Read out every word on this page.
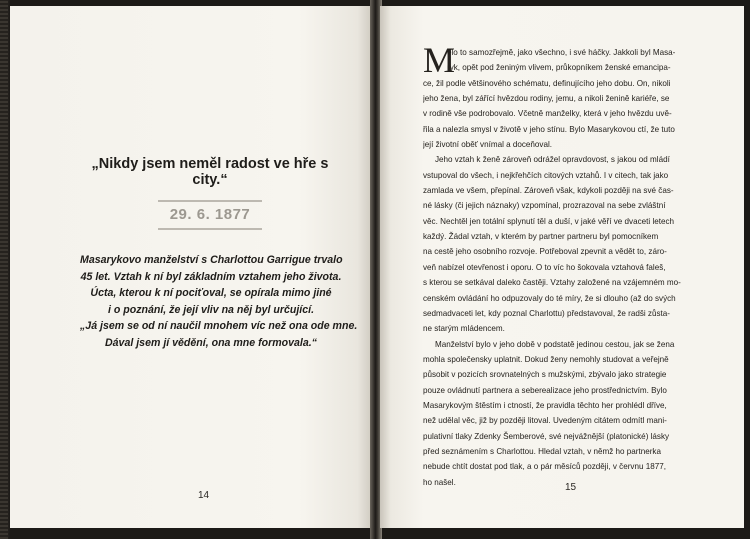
„Nikdy jsem neměl radost ve hře s city.“

29. 6. 1877
Masarykovo manželství s Charlottou Garrigue trvalo
45 let. Vztah k ní byl základním vztahem jeho života.
Úcta, kterou k ní pociťoval, se opírala mimo jiné
i o poznání, že její vliv na něj byl určující.
„Já jsem se od ní naučil mnohem víc než ona ode mne.
Dával jsem jí vědění, ona mne formovala.“
14
M

ělo to samozřejmě, jako všechno, i své háčky. Jakkoli byl Masa-
ryk, opět pod ženiným vlivem, průkopníkem ženské emancipa-
ce, žil podle většinového schématu, definujícího jeho dobu. On, nikoli
jeho žena, byl zářící hvězdou rodiny, jemu, a nikoli ženině kariéře, se
v rodině vše podrobovalo. Včetně manželky, která v jeho hvězdu uvě-
řila a nalezla smysl v životě v jeho stínu. Bylo Masarykovou ctí, že tuto
její životní oběť vnímal a doceňoval.

Jeho vztah k ženě zároveň odrážel opravdovost, s jakou od mládí
vstupoval do všech, i nejkřehčích citových vztahů. I v citech, tak jako
zamlada ve všem, přepínal. Zároveň však, kdykoli později na své čas-
né lásky (či jejich náznaky) vzpomínal, prozrazoval na sebe zvláštní
věc. Nechtěl jen totální splynutí těl a duší, v jaké věří ve dvaceti letech
každý. Žádal vztah, v kterém by partner partneru byl pomocníkem
na cestě jeho osobního rozvoje. Potřeboval zpevnit a vědět to, záro-
veň nabízel otevřenost i oporu. O to víc ho šokovala vztahová faleš,
s kterou se setkával daleko častěji. Vztahy založené na vzájemném mo-
cenském ovládání ho odpuzovaly do té míry, že si dlouho (až do svých
sedmadvaceti let, kdy poznal Charlottu) představoval, že radši zůsta-
ne starým mládencem.

Manželství bylo v jeho době v podstatě jedinou cestou, jak se žena
mohla společensky uplatnit. Dokud ženy nemohly studovat a veřejně
působit v pozicích srovnatelných s mužskými, zbývalo jako strategie
pouze ovládnutí partnera a seberealizace jeho prostřednictvím. Bylo
Masarykovým štěstím i ctností, že pravidla těchto her prohlédl dříve,
než udělal věc, již by později litoval. Uvedeným citátem odmítl mani-
pulativní tlaky Zdenky Šemberové, své nejvážnější (platonické) lásky
před seznámením s Charlottou. Hledal vztah, v němž ho partnerka
nebude chtít dostat pod tlak, a o pár měsíců později, v červnu 1877,
ho našel.	15
